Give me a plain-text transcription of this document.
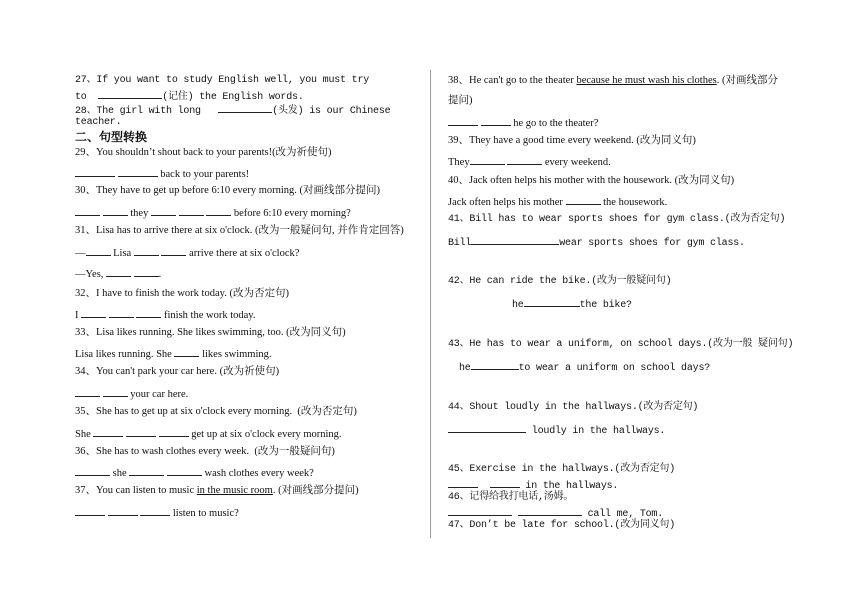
27、If you want to study English well, you must try
to	(记住) the English words.
28、The girl with long	(头发) is our Chinese
teacher.
二、句型转换
29、You shouldn’t shout back to your parents!(改为祈使句)
back to your parents!
30、They have to get up before 6:10 every morning. (对画线部分提问)
they	before 6:10 every morning?
31、Lisa has to arrive there at six o'clock. (改为一般疑问句, 并作肯定回答)
— Lisa	arrive there at six o'clock?
—Yes,	.
32、I have to finish the work today. (改为否定句)
I	finish the work today.
33、Lisa likes running. She likes swimming, too. (改为同义句)
Lisa likes running. She  likes swimming.
34、You can't park your car here. (改为祈使句)
your car here.
35、She has to get up at six o'clock every morning.  (改为否定句)
She	get up at six o'clock every morning.
36、She has to wash clothes every week.  (改为一般疑问句)
she	wash clothes every week?
37、You can listen to music in the music room. (对画线部分提问)
listen to music?
38、He can't go to the theater because he must wash his clothes. (对画线部分
提问)
he go to the theater?
39、They have a good time every weekend. (改为同义句)
They	every weekend.
40、Jack often helps his mother with the housework. (改为同义句)
Jack often helps his mother	the housework.
41、Bill has to wear sports shoes for gym class.(改为否定句)
Bill	wear sports shoes for gym class.
42、He can ride the bike.(改为一般疑问句)
he	the bike?
43、He has to wear a uniform, on school days.(改为一般 疑问句)
he	to wear a uniform on school days?
44、Shout loudly in the hallways.(改为否定句)
loudly in the hallways.
45、Exercise in the hallways.(改为否定句)
in the hallways.
46、记得给我打电话,汤姆。
call me, Tom.
47、Don’t be late for school.(改为同义句)
